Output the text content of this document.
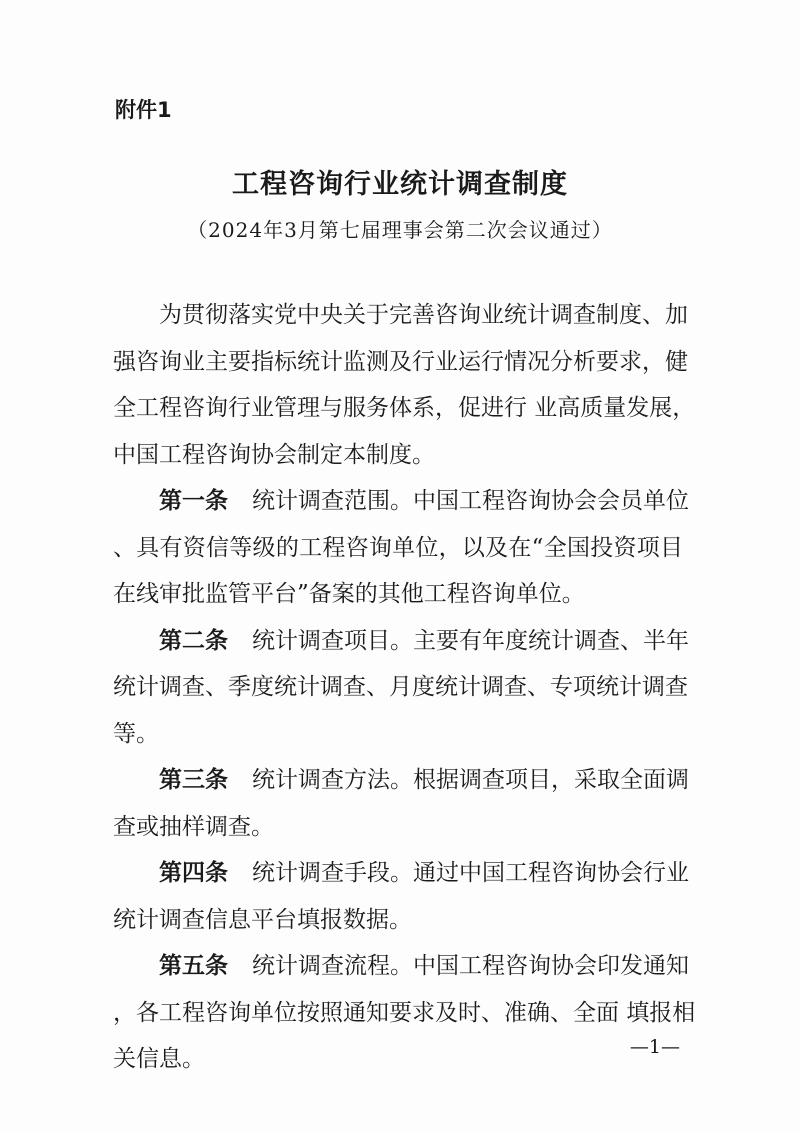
附件1
工程咨询行业统计调查制度
（2024年3月第七届理事会第二次会议通过）
为贯彻落实党中央关于完善咨询业统计调查制度、加
强咨询业主要指标统计监测及行业运行情况分析要求，健
全工程咨询行业管理与服务体系，促进行 业高质量发展，
中国工程咨询协会制定本制度。
第一条 统计调查范围。中国工程咨询协会会员单位
、具有资信等级的工程咨询单位，以及在“全国投资项目
在线审批监管平台”备案的其他工程咨询单位。
第二条 统计调查项目。主要有年度统计调查、半年
统计调查、季度统计调查、月度统计调查、专项统计调查
等。
第三条 统计调查方法。根据调查项目，采取全面调
查或抽样调查。
第四条 统计调查手段。通过中国工程咨询协会行业
统计调查信息平台填报数据。
第五条 统计调查流程。中国工程咨询协会印发通知
，各工程咨询单位按照通知要求及时、准确、全面 填报相
关信息。	—1—
